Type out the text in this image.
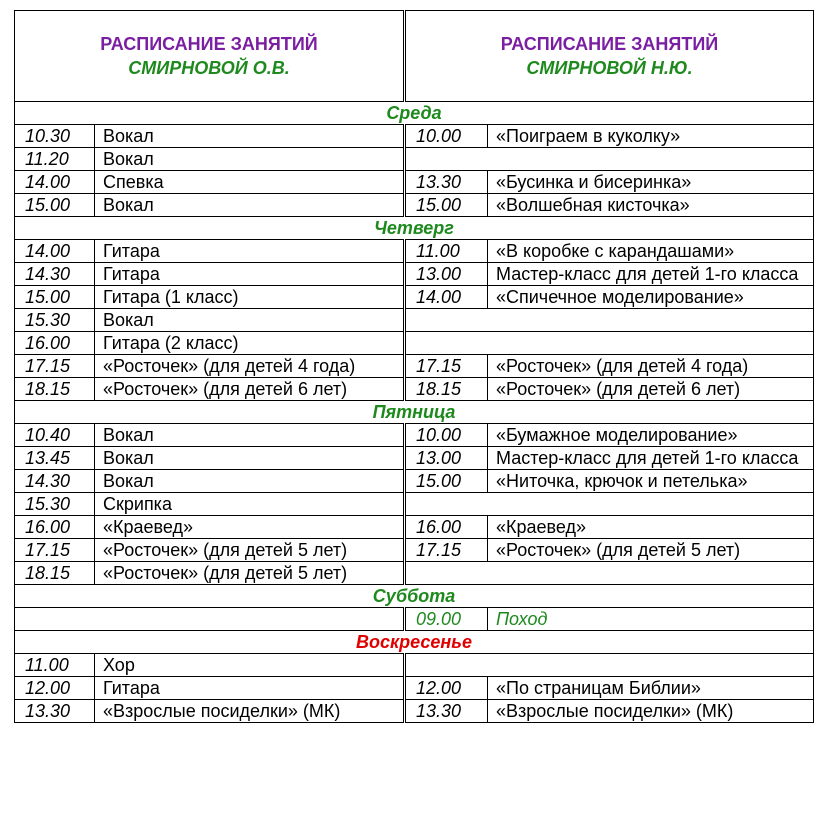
РАСПИСАНИЕ ЗАНЯТИЙ
СМИРНОВОЙ О.В.		РАСПИСАНИЕ ЗАНЯТИЙ
СМИРНОВОЙ Н.Ю.	

Среда			
10.30	Вокал	10.00	«Поиграем в куколку»
11.20	Вокал		
14.00	Спевка	13.30	«Бусинка и бисеринка»
15.00	Вокал	15.00	«Волшебная кисточка»
Четверг			
14.00	Гитара	11.00	«В коробке с карандашами»
14.30	Гитара	13.00	Мастер-класс для детей 1-го класса
15.00	Гитара (1 класс)	14.00	«Спичечное моделирование»
15.30	Вокал		
16.00	Гитара (2 класс)		
17.15	«Росточек» (для детей 4 года)	17.15	«Росточек» (для детей 4 года)
18.15	«Росточек» (для детей 6 лет)	18.15	«Росточек» (для детей 6 лет)
Пятница			
10.40	Вокал	10.00	«Бумажное моделирование»
13.45	Вокал	13.00	Мастер-класс для детей 1-го класса
14.30	Вокал	15.00	«Ниточка, крючок и петелька»
15.30	Скрипка		
16.00	«Краевед»	16.00	«Краевед»
17.15	«Росточек» (для детей 5 лет)	17.15	«Росточек» (для детей 5 лет)
18.15	«Росточек» (для детей 5 лет)		
Суббота			
		09.00	Поход
Воскресенье			
11.00	Хор		
12.00	Гитара	12.00	«По страницам Библии»
13.30	«Взрослые посиделки» (МК)	13.30	«Взрослые посиделки» (МК)
